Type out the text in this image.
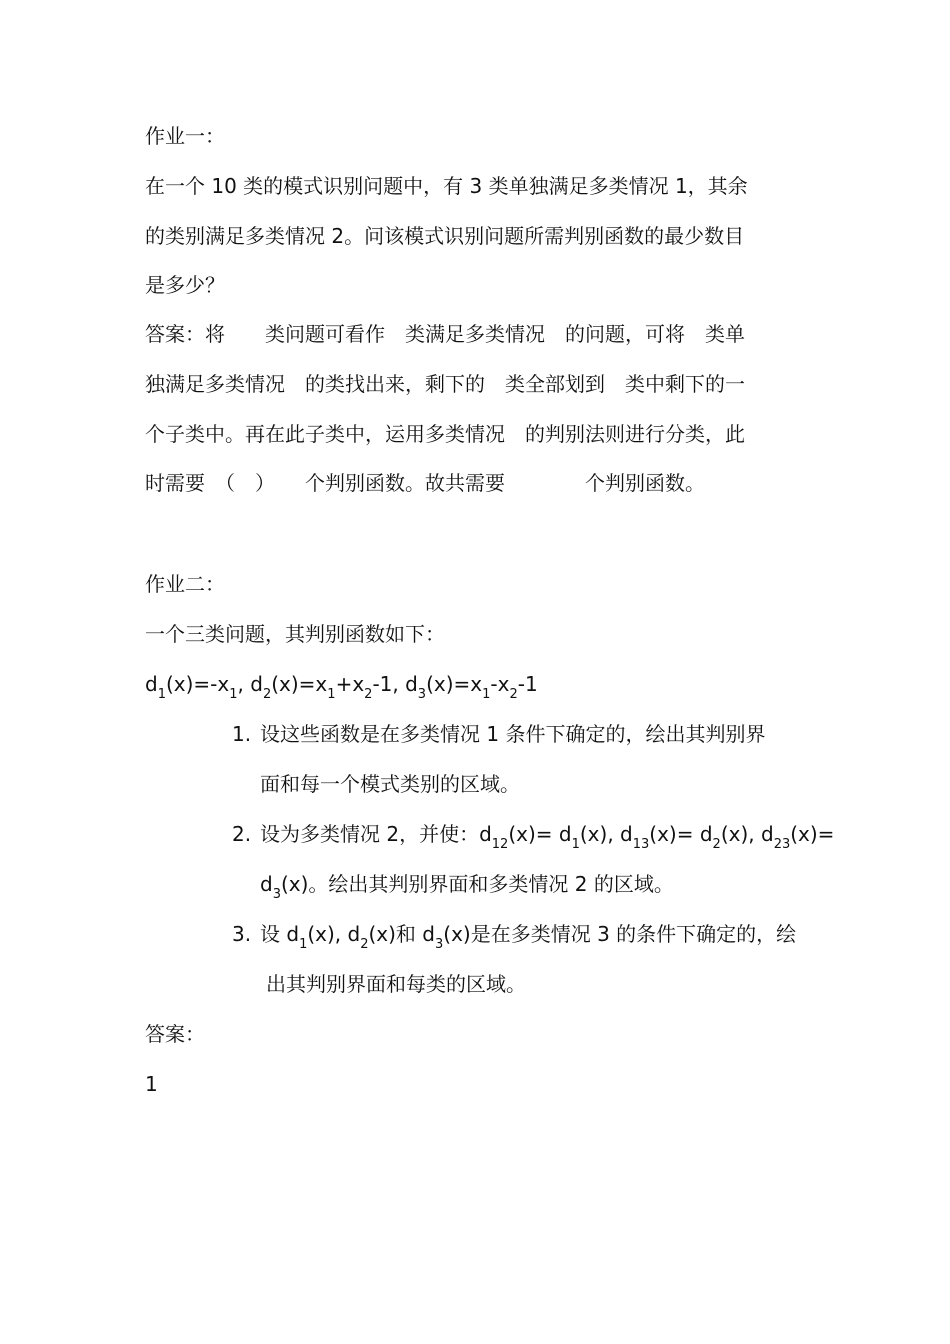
作业一：
在一个 10 类的模式识别问题中，有 3 类单独满足多类情况 1，其余
的类别满足多类情况 2。问该模式识别问题所需判别函数的最少数目
是多少？
答案：将　　类问题可看作　类满足多类情况　的问题，可将　类单
独满足多类情况　的类找出来，剩下的　类全部划到　类中剩下的一
个子类中。再在此子类中，运用多类情况　的判别法则进行分类，此
时需要　（　）　　个判别函数。故共需要　　　　个判别函数。
作业二：
一个三类问题，其判别函数如下：
$d_1(x)=-x_1$, $d_2(x)=x_1+x_2-1$, $d_3(x)=x_1-x_2-1$
1. 设这些函数是在多类情况 1 条件下确定的，绘出其判别界
面和每一个模式类别的区域。
2. 设为多类情况 2，并使：$d_{12}(x)= d_1(x)$, $d_{13}(x)= d_2(x)$, $d_{23}(x)=$
$d_3(x)$。绘出其判别界面和多类情况 2 的区域。
3. 设 $d_1(x)$, $d_2(x)$和 $d_3(x)$是在多类情况 3 的条件下确定的，绘
出其判别界面和每类的区域。
答案：
1
